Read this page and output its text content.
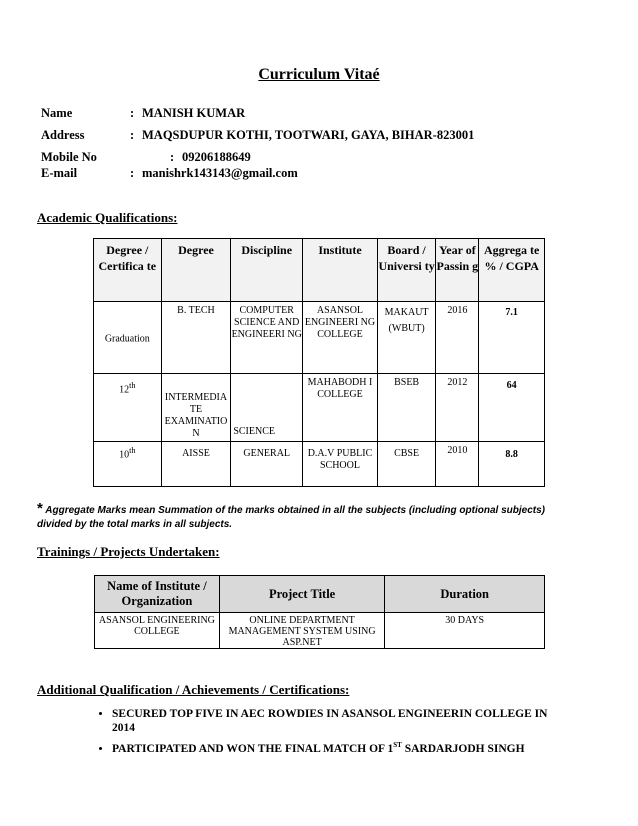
Curriculum Vitaé
Name	: MANISH KUMAR
Address	: MAQSDUPUR KOTHI, TOOTWARI, GAYA, BIHAR-823001
Mobile No	: 09206188649
E-mail	: manishrk143143@gmail.com
Academic Qualifications:
Degree / Certifica te	Degree	Discipline	Institute	Board / Universi ty	Year of Passin g	Aggrega te % / CGPA
Graduation	B. TECH	COMPUTER SCIENCE AND ENGINEERI NG	ASANSOL ENGINEERI NG COLLEGE	MAKAUT (WBUT)	2016	7.1
12th	INTERMEDIA TE EXAMINATIO N	SCIENCE	MAHABODH I COLLEGE	BSEB	2012	64
10th	AISSE	GENERAL	D.A.V PUBLIC SCHOOL	CBSE	2010	8.8
* Aggregate Marks mean Summation of the marks obtained in all the subjects (including optional subjects) divided by the total marks in all subjects.
Trainings / Projects Undertaken:
Name of Institute / Organization	Project Title	Duration
ASANSOL ENGINEERING COLLEGE	ONLINE DEPARTMENT MANAGEMENT SYSTEM USING ASP.NET	30 DAYS
Additional Qualification / Achievements / Certifications:
• SECURED TOP FIVE IN AEC ROWDIES IN ASANSOL ENGINEERIN COLLEGE IN 2014
• PARTICIPATED AND WON THE FINAL MATCH OF 1ST SARDARJODH SINGH
